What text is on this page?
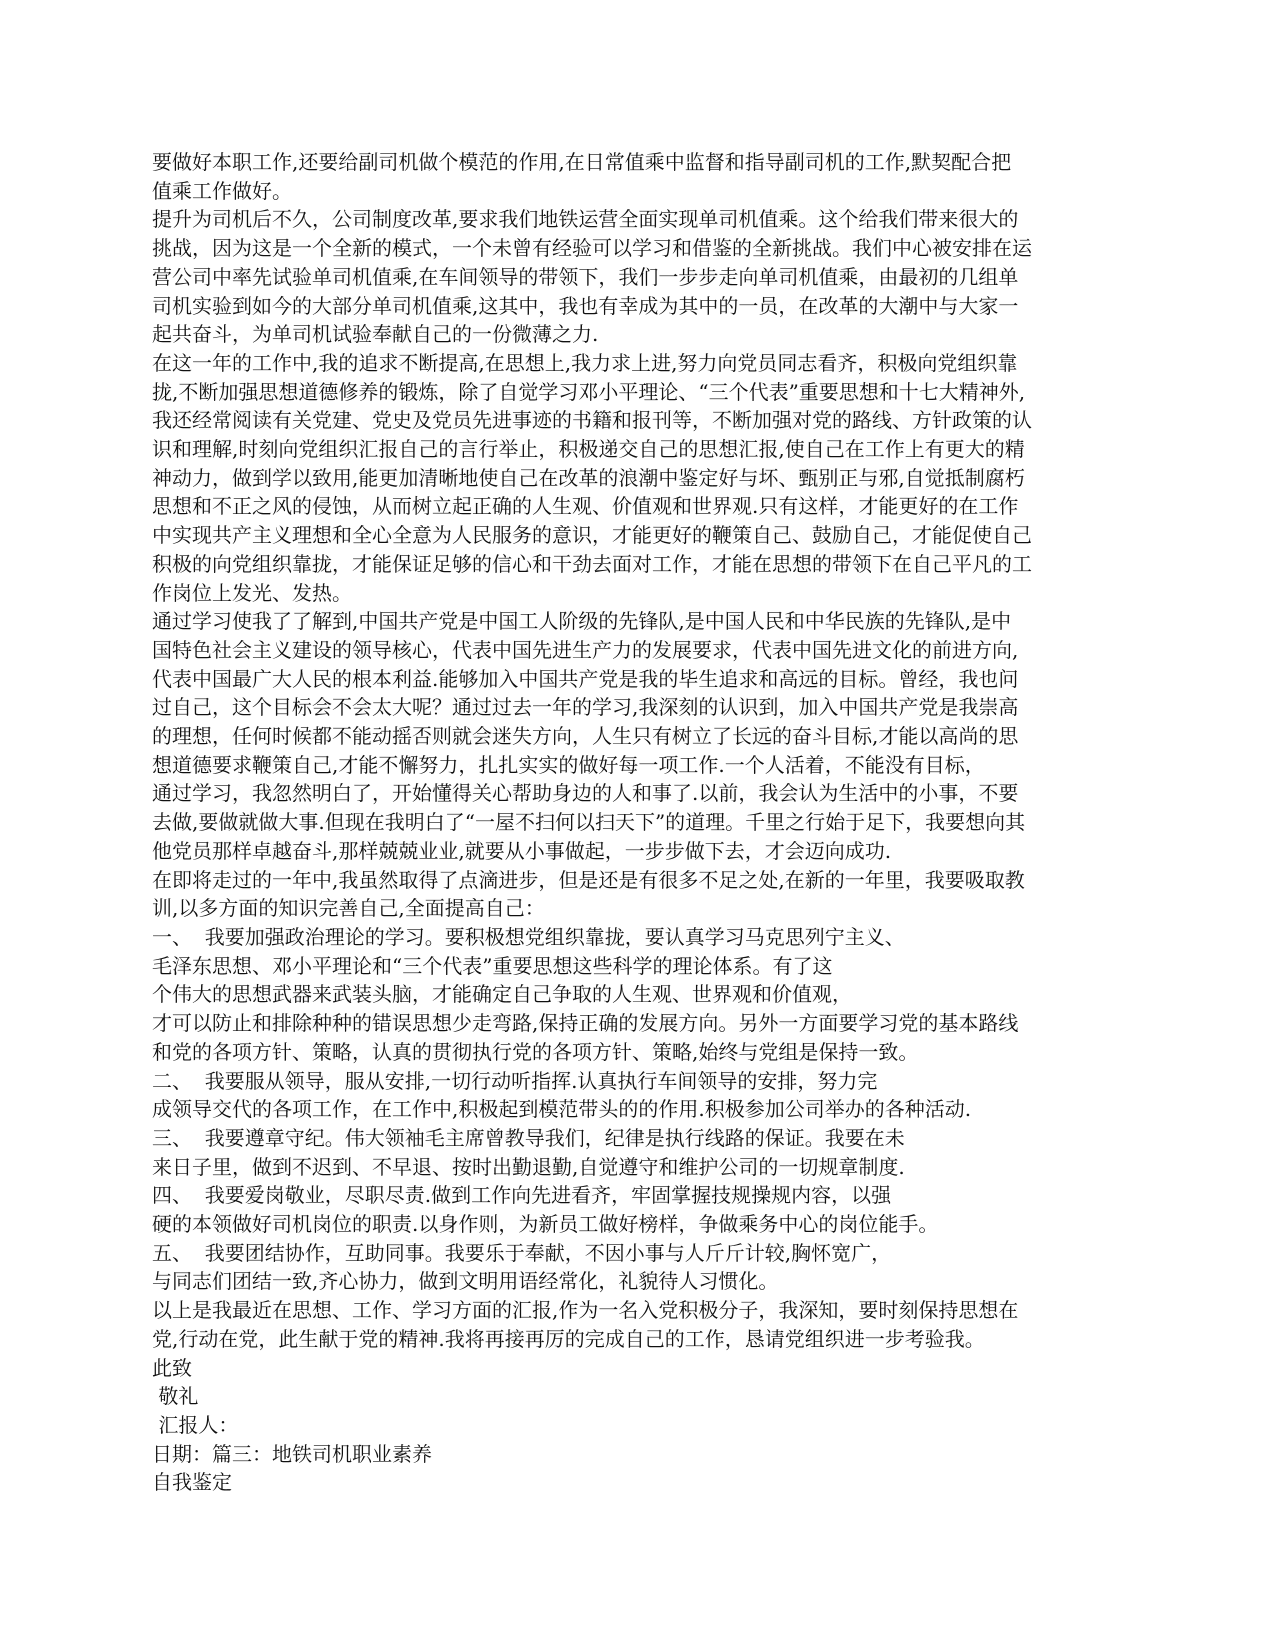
要做好本职工作,还要给副司机做个模范的作用,在日常值乘中监督和指导副司机的工作,默契配合把
值乘工作做好。
提升为司机后不久，公司制度改革,要求我们地铁运营全面实现单司机值乘。这个给我们带来很大的
挑战，因为这是一个全新的模式，一个未曾有经验可以学习和借鉴的全新挑战。我们中心被安排在运
营公司中率先试验单司机值乘,在车间领导的带领下，我们一步步走向单司机值乘，由最初的几组单
司机实验到如今的大部分单司机值乘,这其中，我也有幸成为其中的一员，在改革的大潮中与大家一
起共奋斗，为单司机试验奉献自己的一份微薄之力.
在这一年的工作中,我的追求不断提高,在思想上,我力求上进,努力向党员同志看齐，积极向党组织靠
拢,不断加强思想道德修养的锻炼，除了自觉学习邓小平理论、“三个代表”重要思想和十七大精神外,
我还经常阅读有关党建、党史及党员先进事迹的书籍和报刊等，不断加强对党的路线、方针政策的认
识和理解,时刻向党组织汇报自己的言行举止，积极递交自己的思想汇报,使自己在工作上有更大的精
神动力，做到学以致用,能更加清晰地使自己在改革的浪潮中鉴定好与坏、甄别正与邪,自觉抵制腐朽
思想和不正之风的侵蚀，从而树立起正确的人生观、价值观和世界观.只有这样，才能更好的在工作
中实现共产主义理想和全心全意为人民服务的意识，才能更好的鞭策自己、鼓励自己，才能促使自己
积极的向党组织靠拢，才能保证足够的信心和干劲去面对工作，才能在思想的带领下在自己平凡的工
作岗位上发光、发热。
通过学习使我了了解到,中国共产党是中国工人阶级的先锋队,是中国人民和中华民族的先锋队,是中
国特色社会主义建设的领导核心，代表中国先进生产力的发展要求，代表中国先进文化的前进方向,
代表中国最广大人民的根本利益.能够加入中国共产党是我的毕生追求和高远的目标。曾经，我也问
过自己，这个目标会不会太大呢？通过过去一年的学习,我深刻的认识到，加入中国共产党是我崇高
的理想，任何时候都不能动摇否则就会迷失方向，人生只有树立了长远的奋斗目标,才能以高尚的思
想道德要求鞭策自己,才能不懈努力，扎扎实实的做好每一项工作.一个人活着，不能没有目标，
通过学习，我忽然明白了，开始懂得关心帮助身边的人和事了.以前，我会认为生活中的小事，不要
去做,要做就做大事.但现在我明白了“一屋不扫何以扫天下”的道理。千里之行始于足下，我要想向其
他党员那样卓越奋斗,那样兢兢业业,就要从小事做起，一步步做下去，才会迈向成功.
在即将走过的一年中,我虽然取得了点滴进步，但是还是有很多不足之处,在新的一年里，我要吸取教
训,以多方面的知识完善自己,全面提高自己：
一、  我要加强政治理论的学习。要积极想党组织靠拢，要认真学习马克思列宁主义、
毛泽东思想、邓小平理论和“三个代表”重要思想这些科学的理论体系。有了这
个伟大的思想武器来武装头脑，才能确定自己争取的人生观、世界观和价值观，
才可以防止和排除种种的错误思想少走弯路,保持正确的发展方向。另外一方面要学习党的基本路线
和党的各项方针、策略，认真的贯彻执行党的各项方针、策略,始终与党组是保持一致。
二、  我要服从领导，服从安排,一切行动听指挥.认真执行车间领导的安排，努力完
成领导交代的各项工作，在工作中,积极起到模范带头的的作用.积极参加公司举办的各种活动.
三、  我要遵章守纪。伟大领袖毛主席曾教导我们，纪律是执行线路的保证。我要在未
来日子里，做到不迟到、不早退、按时出勤退勤,自觉遵守和维护公司的一切规章制度.
四、  我要爱岗敬业，尽职尽责.做到工作向先进看齐，牢固掌握技规操规内容，以强
硬的本领做好司机岗位的职责.以身作则，为新员工做好榜样，争做乘务中心的岗位能手。
五、  我要团结协作，互助同事。我要乐于奉献，不因小事与人斤斤计较,胸怀宽广，
与同志们团结一致,齐心协力，做到文明用语经常化，礼貌待人习惯化。
以上是我最近在思想、工作、学习方面的汇报,作为一名入党积极分子，我深知，要时刻保持思想在
党,行动在党，此生献于党的精神.我将再接再厉的完成自己的工作，恳请党组织进一步考验我。
此致
敬礼
汇报人：
日期：篇三：地铁司机职业素养
自我鉴定
